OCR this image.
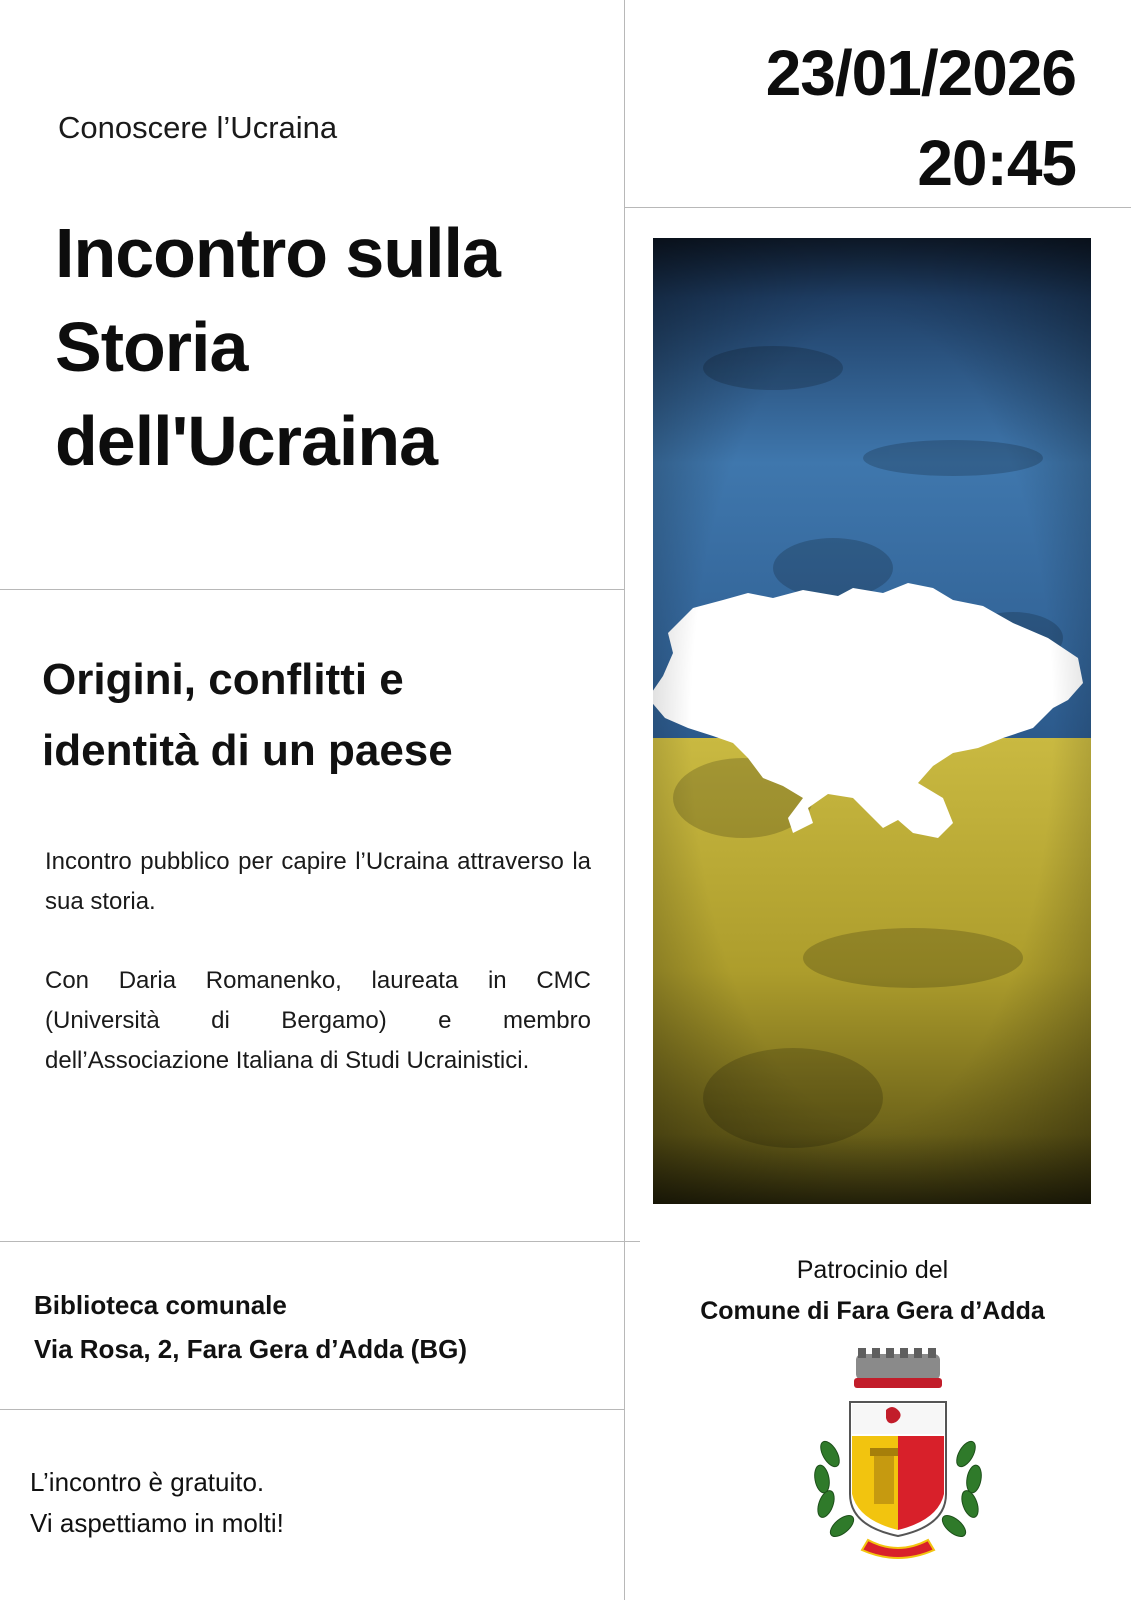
Conoscere l’Ucraina
Incontro sulla
Storia
dell'Ucraina
23/01/2026
20:45
Origini, conflitti e
identità di un paese
Incontro pubblico per capire l’Ucraina attraverso la sua storia.
Con Daria Romanenko, laureata in CMC (Università di Bergamo) e membro dell’Associazione Italiana di Studi Ucrainistici.
Biblioteca comunale
Via Rosa, 2, Fara Gera d’Adda (BG)
L’incontro è gratuito.
Vi aspettiamo in molti!
Patrocinio del
Comune di Fara Gera d’Adda
